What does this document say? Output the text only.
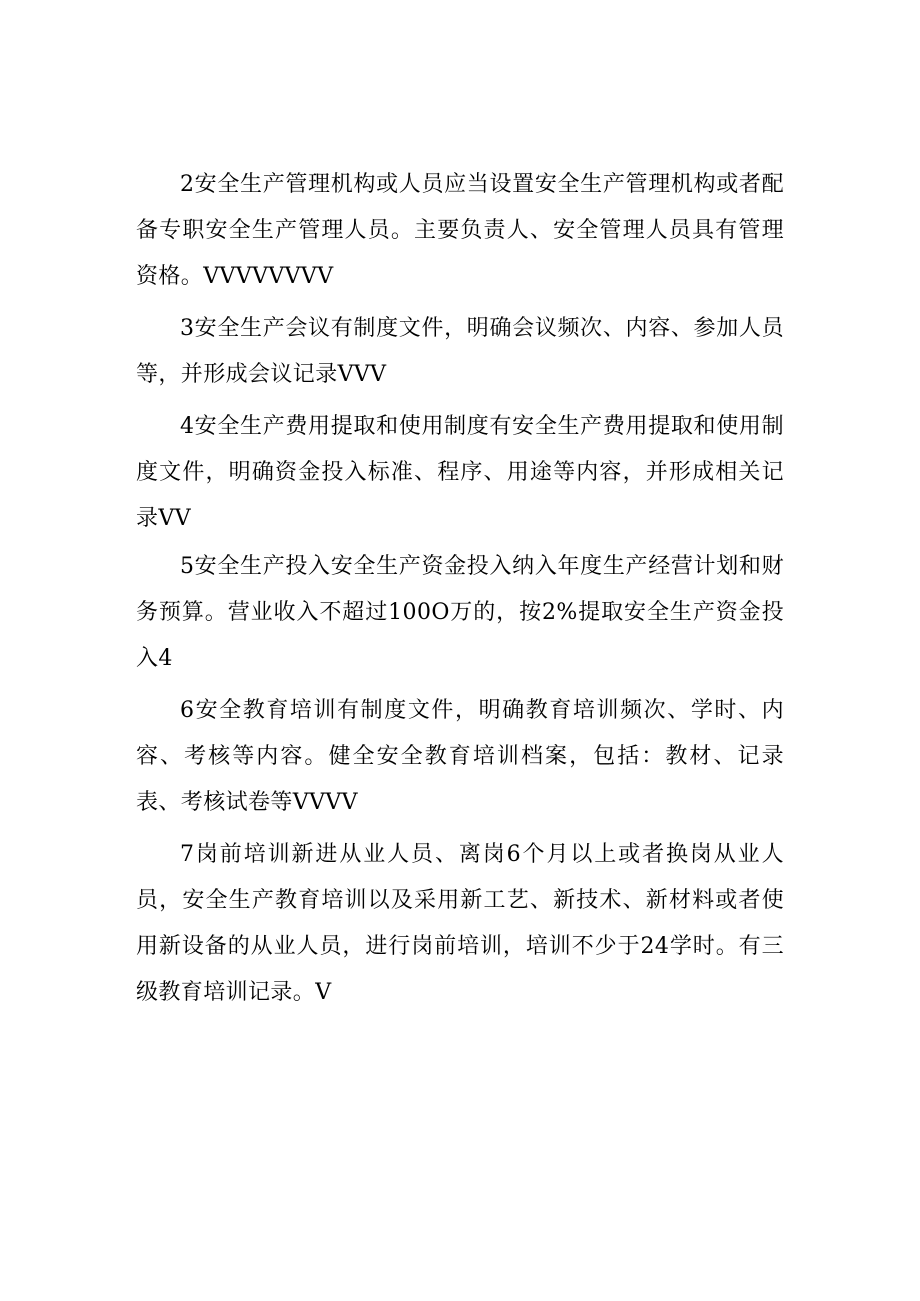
2安全生产管理机构或人员应当设置安全生产管理机构或者配备专职安全生产管理人员。主要负责人、安全管理人员具有管理资格。VVVVVVVV

3安全生产会议有制度文件，明确会议频次、内容、参加人员等，并形成会议记录VVV

4安全生产费用提取和使用制度有安全生产费用提取和使用制度文件，明确资金投入标准、程序、用途等内容，并形成相关记录VV

5安全生产投入安全生产资金投入纳入年度生产经营计划和财务预算。营业收入不超过100O万的，按2%提取安全生产资金投入4

6安全教育培训有制度文件，明确教育培训频次、学时、内容、考核等内容。健全安全教育培训档案，包括：教材、记录表、考核试卷等VVVV

7岗前培训新进从业人员、离岗6个月以上或者换岗从业人员，安全生产教育培训以及采用新工艺、新技术、新材料或者使用新设备的从业人员，进行岗前培训，培训不少于24学时。有三级教育培训记录。V
